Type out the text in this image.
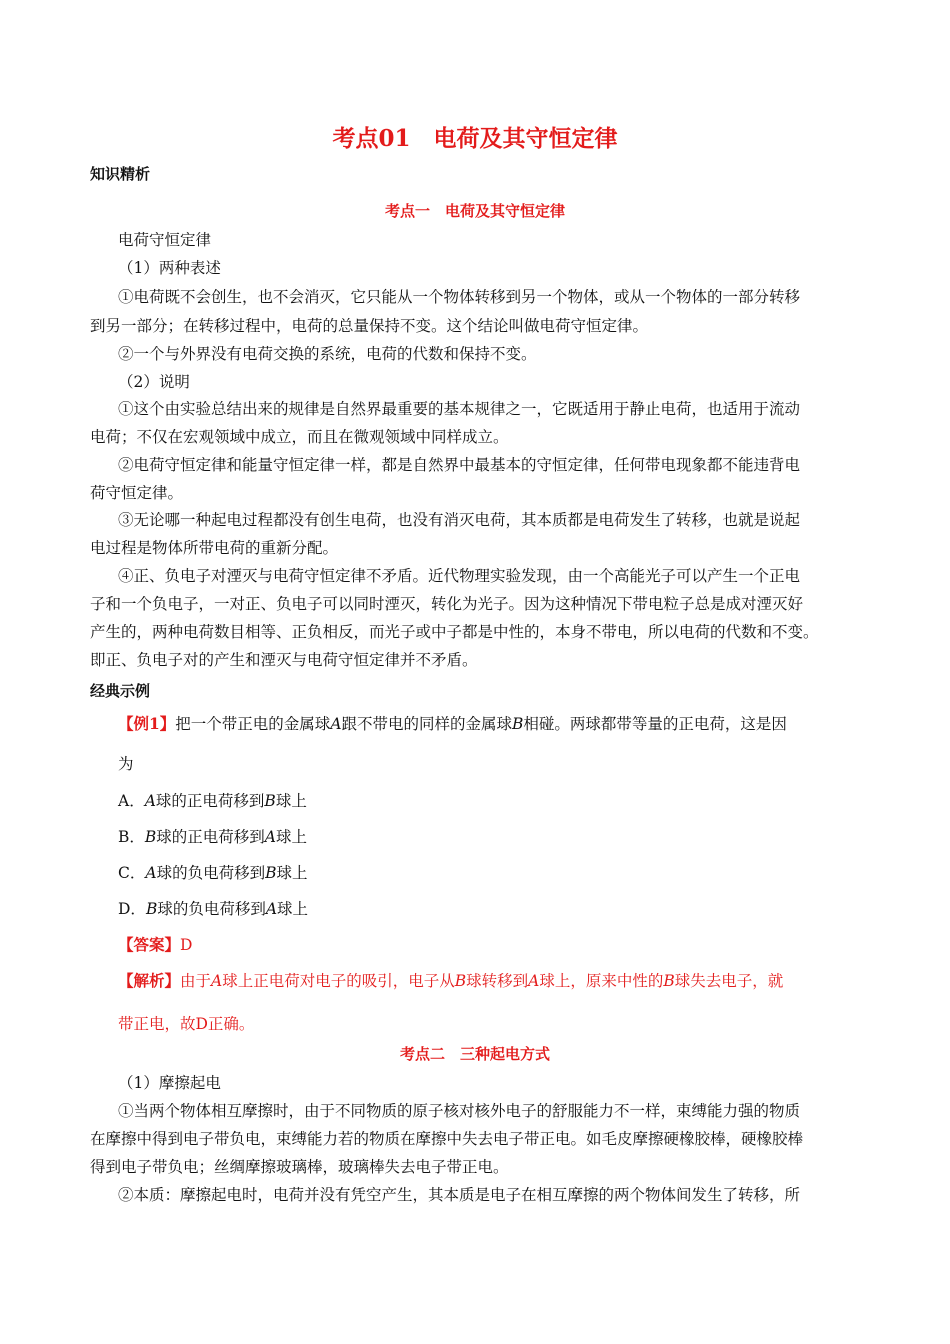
考点01　电荷及其守恒定律
知识精析
考点一　电荷及其守恒定律
电荷守恒定律
（1）两种表述
①电荷既不会创生，也不会消灭，它只能从一个物体转移到另一个物体，或从一个物体的一部分转移
到另一部分；在转移过程中，电荷的总量保持不变。这个结论叫做电荷守恒定律。
②一个与外界没有电荷交换的系统，电荷的代数和保持不变。
（2）说明
①这个由实验总结出来的规律是自然界最重要的基本规律之一，它既适用于静止电荷，也适用于流动
电荷；不仅在宏观领域中成立，而且在微观领域中同样成立。
②电荷守恒定律和能量守恒定律一样，都是自然界中最基本的守恒定律，任何带电现象都不能违背电
荷守恒定律。
③无论哪一种起电过程都没有创生电荷，也没有消灭电荷，其本质都是电荷发生了转移，也就是说起
电过程是物体所带电荷的重新分配。
④正、负电子对湮灭与电荷守恒定律不矛盾。近代物理实验发现，由一个高能光子可以产生一个正电
子和一个负电子，一对正、负电子可以同时湮灭，转化为光子。因为这种情况下带电粒子总是成对湮灭好
产生的，两种电荷数目相等、正负相反，而光子或中子都是中性的，本身不带电，所以电荷的代数和不变。
即正、负电子对的产生和湮灭与电荷守恒定律并不矛盾。
经典示例
【例1】把一个带正电的金属球A跟不带电的同样的金属球B相碰。两球都带等量的正电荷，这是因
为
A．A球的正电荷移到B球上
B．B球的正电荷移到A球上
C．A球的负电荷移到B球上
D．B球的负电荷移到A球上
【答案】D
【解析】由于A球上正电荷对电子的吸引，电子从B球转移到A球上，原来中性的B球失去电子，就
带正电，故D正确。
考点二　三种起电方式
（1）摩擦起电
①当两个物体相互摩擦时，由于不同物质的原子核对核外电子的舒服能力不一样，束缚能力强的物质
在摩擦中得到电子带负电，束缚能力若的物质在摩擦中失去电子带正电。如毛皮摩擦硬橡胶棒，硬橡胶棒
得到电子带负电；丝绸摩擦玻璃棒，玻璃棒失去电子带正电。
②本质：摩擦起电时，电荷并没有凭空产生，其本质是电子在相互摩擦的两个物体间发生了转移，所
